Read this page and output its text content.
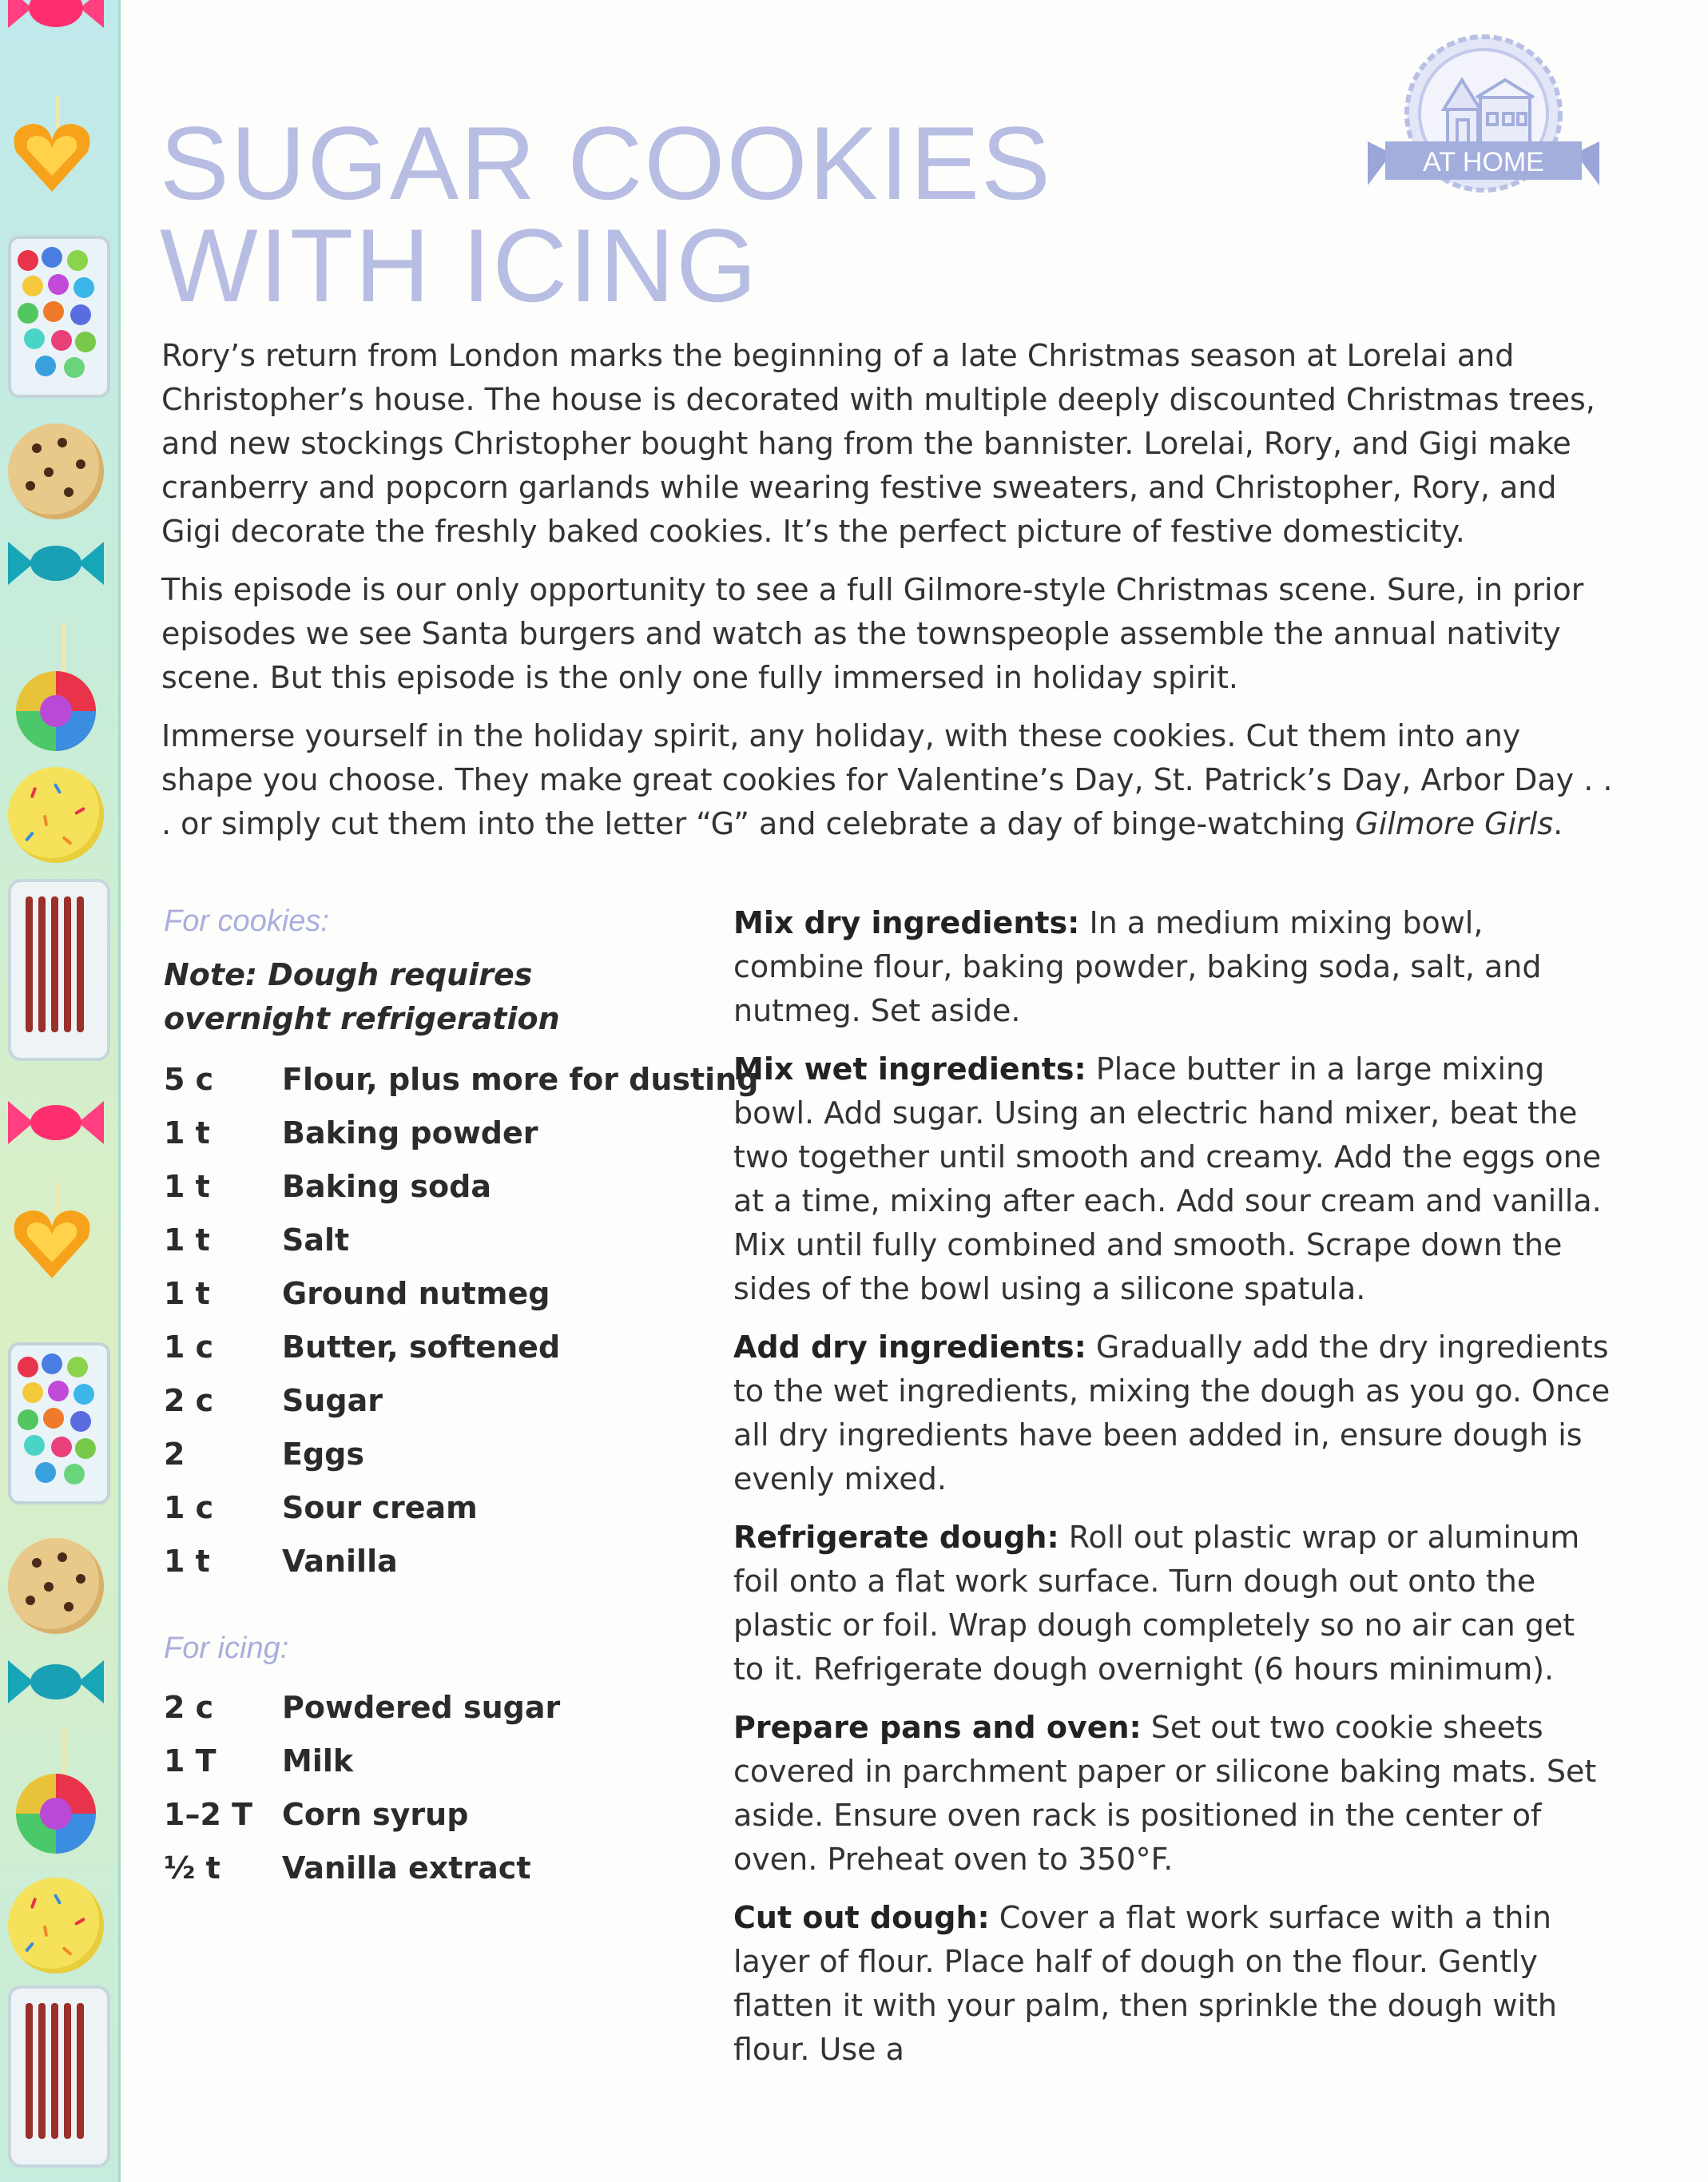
AT HOME
SUGAR COOKIES
WITH ICING

Rory’s return from London marks the beginning of a late Christmas season at Lorelai and Christopher’s house. The house is decorated with multiple deeply discounted Christmas trees, and new stockings Christopher bought hang from the bannister. Lorelai, Rory, and Gigi make cranberry and popcorn garlands while wearing festive sweaters, and Christopher, Rory, and Gigi decorate the freshly baked cookies. It’s the perfect picture of festive domesticity.

This episode is our only opportunity to see a full Gilmore-style Christmas scene. Sure, in prior episodes we see Santa burgers and watch as the townspeople assemble the annual nativity scene. But this episode is the only one fully immersed in holiday spirit.

Immerse yourself in the holiday spirit, any holiday, with these cookies. Cut them into any shape you choose. They make great cookies for Valentine’s Day, St. Patrick’s Day, Arbor Day . . . or simply cut them into the letter “G” and celebrate a day of binge-watching Gilmore Girls.

For cookies:
Note: Dough requires overnight refrigeration
5 c	Flour, plus more for dusting
1 t	Baking powder
1 t	Baking soda
1 t	Salt
1 t	Ground nutmeg
1 c	Butter, softened
2 c	Sugar
2	Eggs
1 c	Sour cream
1 t	Vanilla
For icing:
2 c	Powdered sugar
1 T	Milk
1–2 T Corn syrup
½ t	Vanilla extract

Mix dry ingredients: In a medium mixing bowl, combine flour, baking powder, baking soda, salt, and nutmeg. Set aside.

Mix wet ingredients: Place butter in a large mixing bowl. Add sugar. Using an electric hand mixer, beat the two together until smooth and creamy. Add the eggs one at a time, mixing after each. Add sour cream and vanilla. Mix until fully combined and smooth. Scrape down the sides of the bowl using a silicone spatula.

Add dry ingredients: Gradually add the dry ingredients to the wet ingredients, mixing the dough as you go. Once all dry ingredients have been added in, ensure dough is evenly mixed.

Refrigerate dough: Roll out plastic wrap or aluminum foil onto a flat work surface. Turn dough out onto the plastic or foil. Wrap dough completely so no air can get to it. Refrigerate dough overnight (6 hours minimum).

Prepare pans and oven: Set out two cookie sheets covered in parchment paper or silicone baking mats. Set aside. Ensure oven rack is positioned in the center of oven. Preheat oven to 350°F.

Cut out dough: Cover a flat work surface with a thin layer of flour. Place half of dough on the flour. Gently flatten it with your palm, then sprinkle the dough with flour. Use a
